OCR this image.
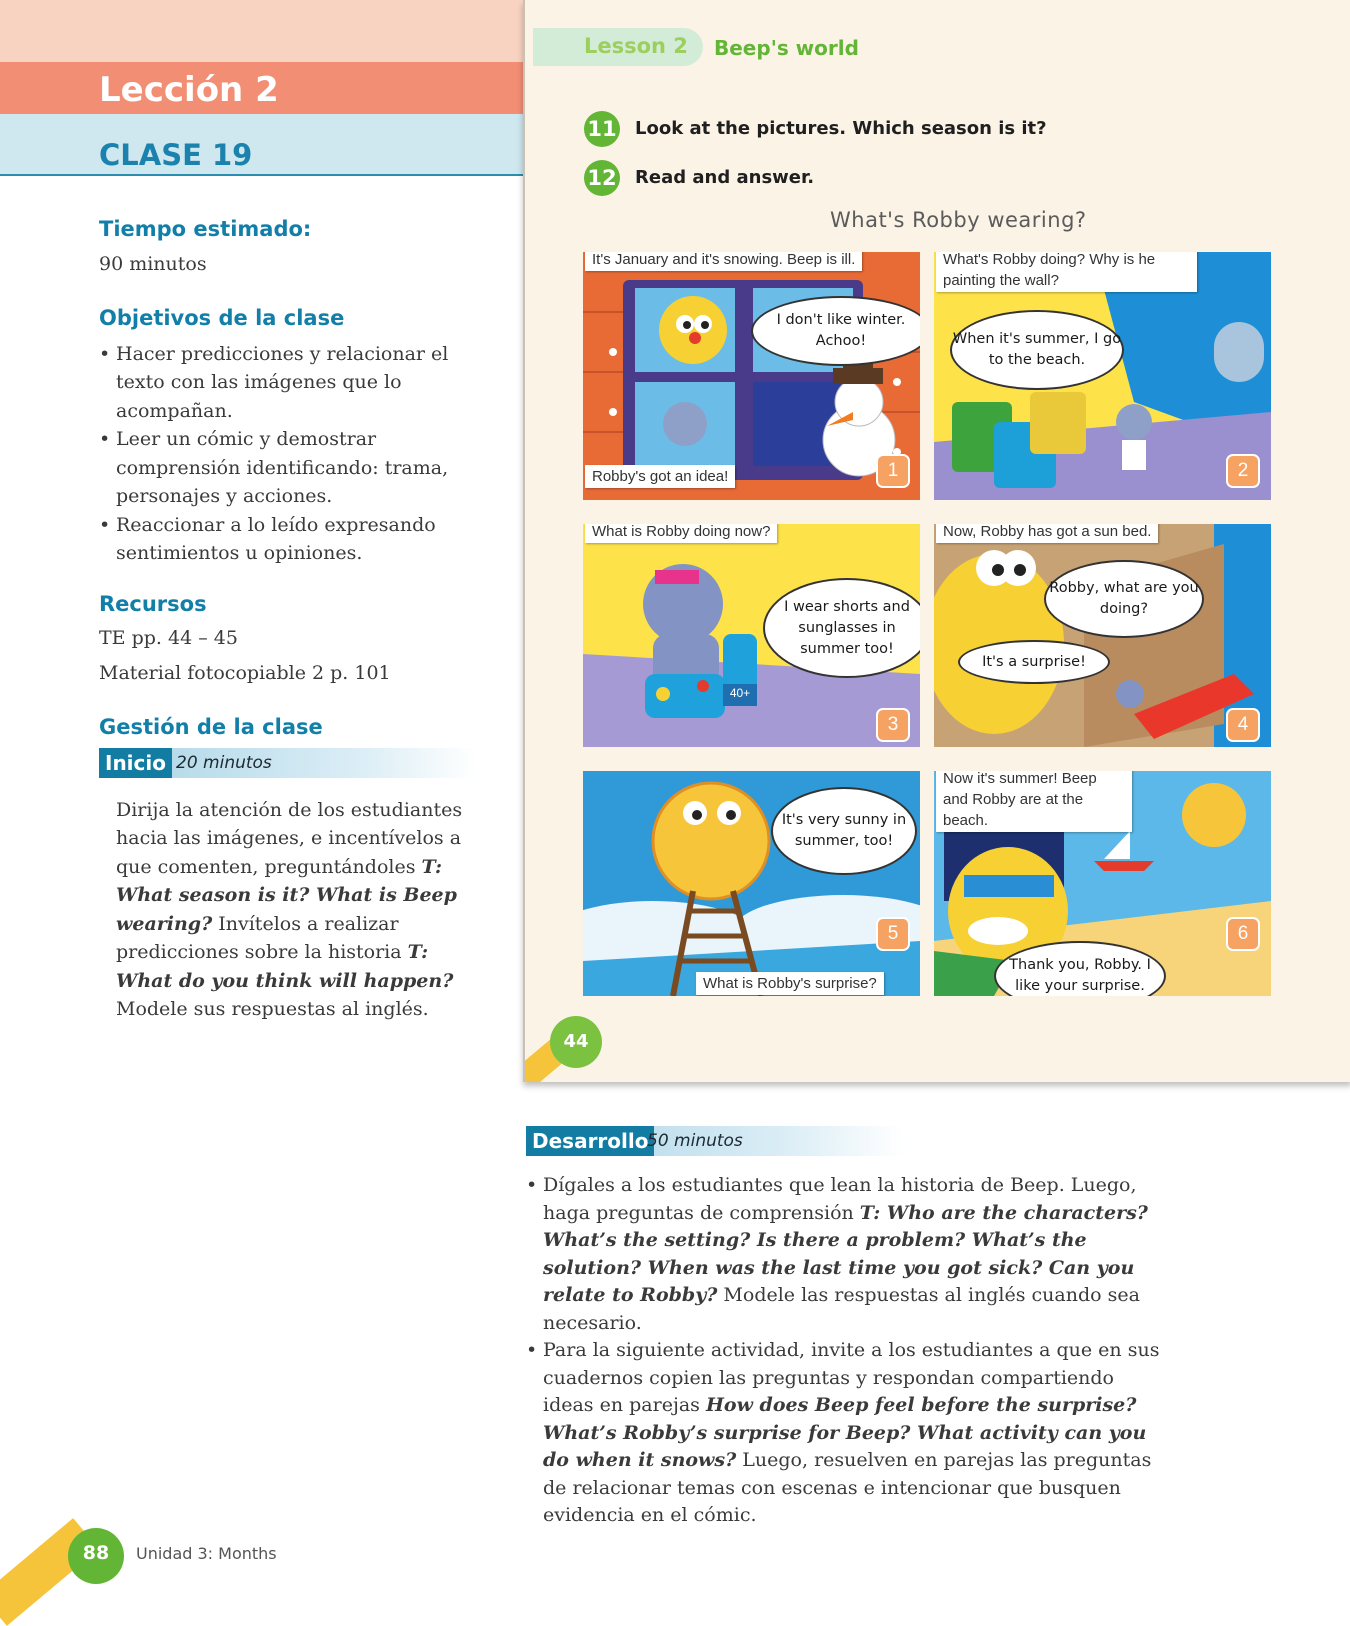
Lección 2
CLASE 19
Tiempo estimado:

90 minutos

Objetivos de la clase
• Hacer predicciones y relacionar el texto con las imágenes que lo acompañan.
• Leer un cómic y demostrar comprensión identificando: trama, personajes y acciones.
• Reaccionar a lo leído expresando sentimientos u opiniones.
Recursos

TE pp. 44 – 45

Material fotocopiable 2 p. 101

Gestión de la clase
Inicio 20 minutos

Dirija la atención de los estudiantes hacia las imágenes, e incentívelos a que comenten, preguntándoles T: What season is it? What is Beep wearing? Invítelos a realizar predicciones sobre la historia T: What do you think will happen? Modele sus respuestas al inglés.

Lesson 2 Beep's world
11 Look at the pictures. Which season is it?
12 Read and answer.
What's Robby wearing?
It's January and it's snowing. Beep is ill.
I don't like winter. Achoo!
Robby's got an idea!	1
What's Robby doing? Why is he painting the wall?
When it's summer, I go to the beach.
2
What is Robby doing now?
I wear shorts and sunglasses in summer too!
40+
3
Now, Robby has got a sun bed.
Robby, what are you doing?
It's a surprise!
4
It's very sunny in summer, too!
What is Robby's surprise?
5
Now it's summer! Beep and Robby are at the beach.
Thank you, Robby. I like your surprise.
6
44
Desarrollo
50 minutos
• Dígales a los estudiantes que lean la historia de Beep. Luego, haga preguntas de comprensión T: Who are the characters? What’s the setting? Is there a problem? What’s the solution? When was the last time you got sick? Can you relate to Robby? Modele las respuestas al inglés cuando sea necesario.
• Para la siguiente actividad, invite a los estudiantes a que en sus cuadernos copien las preguntas y respondan compartiendo ideas en parejas How does Beep feel before the surprise? What’s Robby’s surprise for Beep? What activity can you do when it snows? Luego, resuelven en parejas las preguntas de relacionar temas con escenas e intencionar que busquen evidencia en el cómic.
88	Unidad 3: Months
